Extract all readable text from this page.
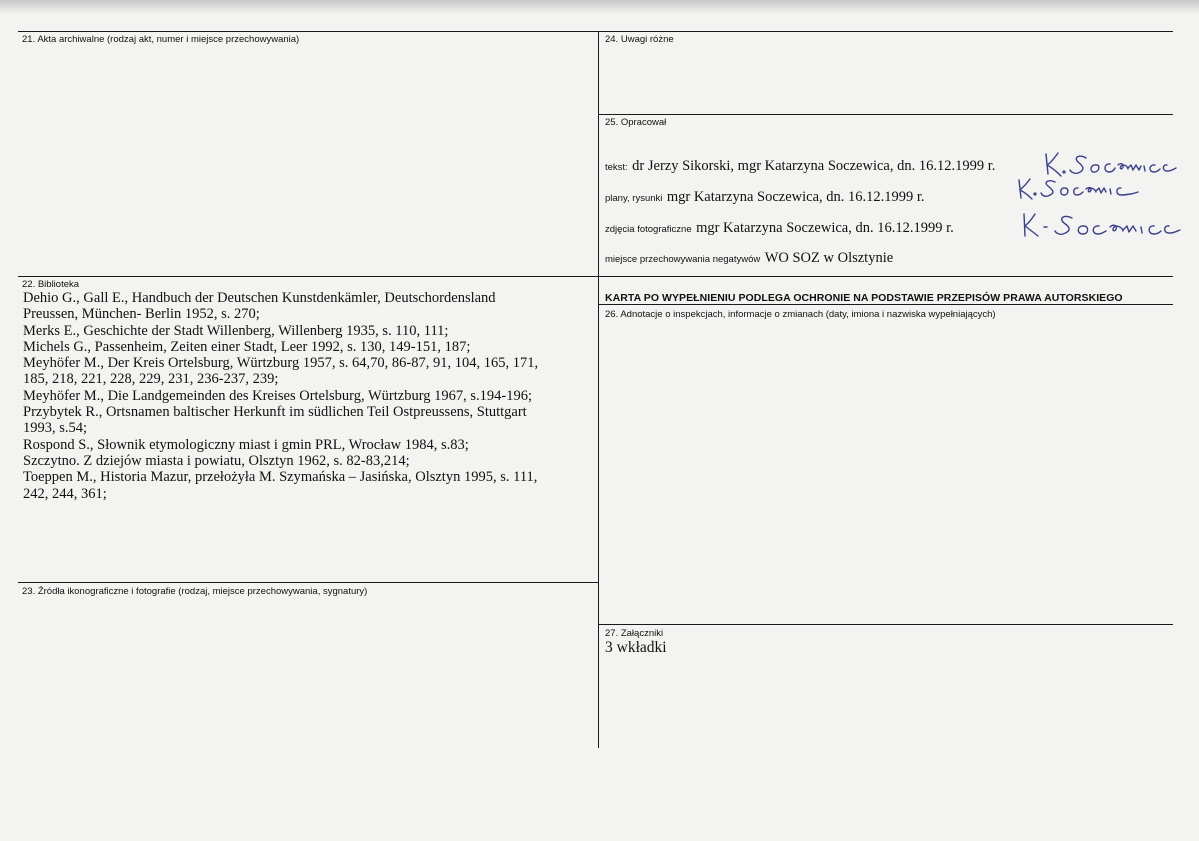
21. Akta archiwalne (rodzaj akt, numer i miejsce przechowywania)
22. Biblioteka
Dehio G., Gall E., Handbuch der Deutschen Kunstdenkämler, Deutschordensland
Preussen, München- Berlin 1952, s. 270;
Merks E., Geschichte der Stadt Willenberg, Willenberg 1935, s. 110, 111;
Michels G., Passenheim, Zeiten einer Stadt, Leer 1992, s. 130, 149-151, 187;
Meyhöfer M., Der Kreis Ortelsburg, Würtzburg 1957, s. 64,70, 86-87, 91, 104, 165, 171,
185, 218, 221, 228, 229, 231, 236-237, 239;
Meyhöfer M., Die Landgemeinden des Kreises Ortelsburg, Würtzburg 1967, s.194-196;
Przybytek R., Ortsnamen baltischer Herkunft im südlichen Teil Ostpreussens, Stuttgart
1993, s.54;
Rospond S., Słownik etymologiczny miast i gmin PRL, Wrocław 1984, s.83;
Szczytno. Z dziejów miasta i powiatu, Olsztyn 1962, s. 82-83,214;
Toeppen M., Historia Mazur, przełożyła M. Szymańska – Jasińska, Olsztyn 1995, s. 111,
242, 244, 361;
23. Źródła ikonograficzne i fotografie (rodzaj, miejsce przechowywania, sygnatury)
24. Uwagi różne
25. Opracował
tekst: dr Jerzy Sikorski, mgr Katarzyna Soczewica, dn. 16.12.1999 r.
plany, rysunki mgr Katarzyna Soczewica, dn. 16.12.1999 r.
zdjęcia fotograficzne mgr Katarzyna Soczewica, dn. 16.12.1999 r.
miejsce przechowywania negatywów WO SOZ w Olsztynie
KARTA PO WYPEŁNIENIU PODLEGA OCHRONIE NA PODSTAWIE PRZEPISÓW PRAWA AUTORSKIEGO
26. Adnotacje o inspekcjach, informacje o zmianach (daty, imiona i nazwiska wypełniających)
27. Załączniki
3 wkładki
